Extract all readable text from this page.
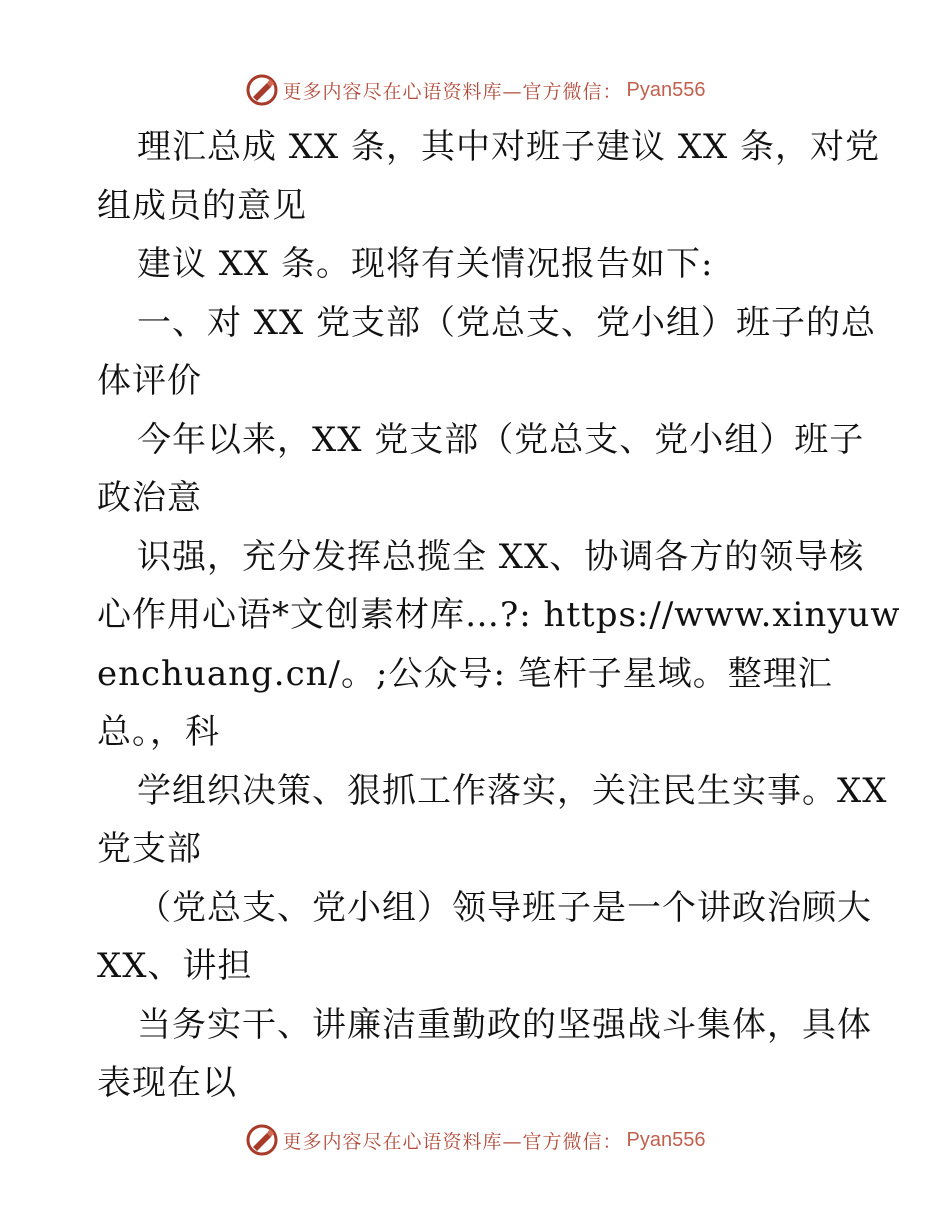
更多内容尽在心语资料库—官方微信： Pyan556
理汇总成 XX 条，其中对班子建议 XX 条，对党
组成员的意见
建议 XX 条。现将有关情况报告如下:
一、对 XX 党支部（党总支、党小组）班子的总
体评价
今年以来，XX 党支部（党总支、党小组）班子
政治意
识强，充分发挥总揽全 XX、协调各方的领导核
心作用心语*文创素材库…?: https://www.xinyuw
enchuang.cn/。;公众号: 笔杆子星域。整理汇
总。，科
学组织决策、狠抓工作落实，关注民生实事。XX
党支部
（党总支、党小组）领导班子是一个讲政治顾大
XX、讲担
当务实干、讲廉洁重勤政的坚强战斗集体，具体
表现在以
更多内容尽在心语资料库—官方微信： Pyan556
